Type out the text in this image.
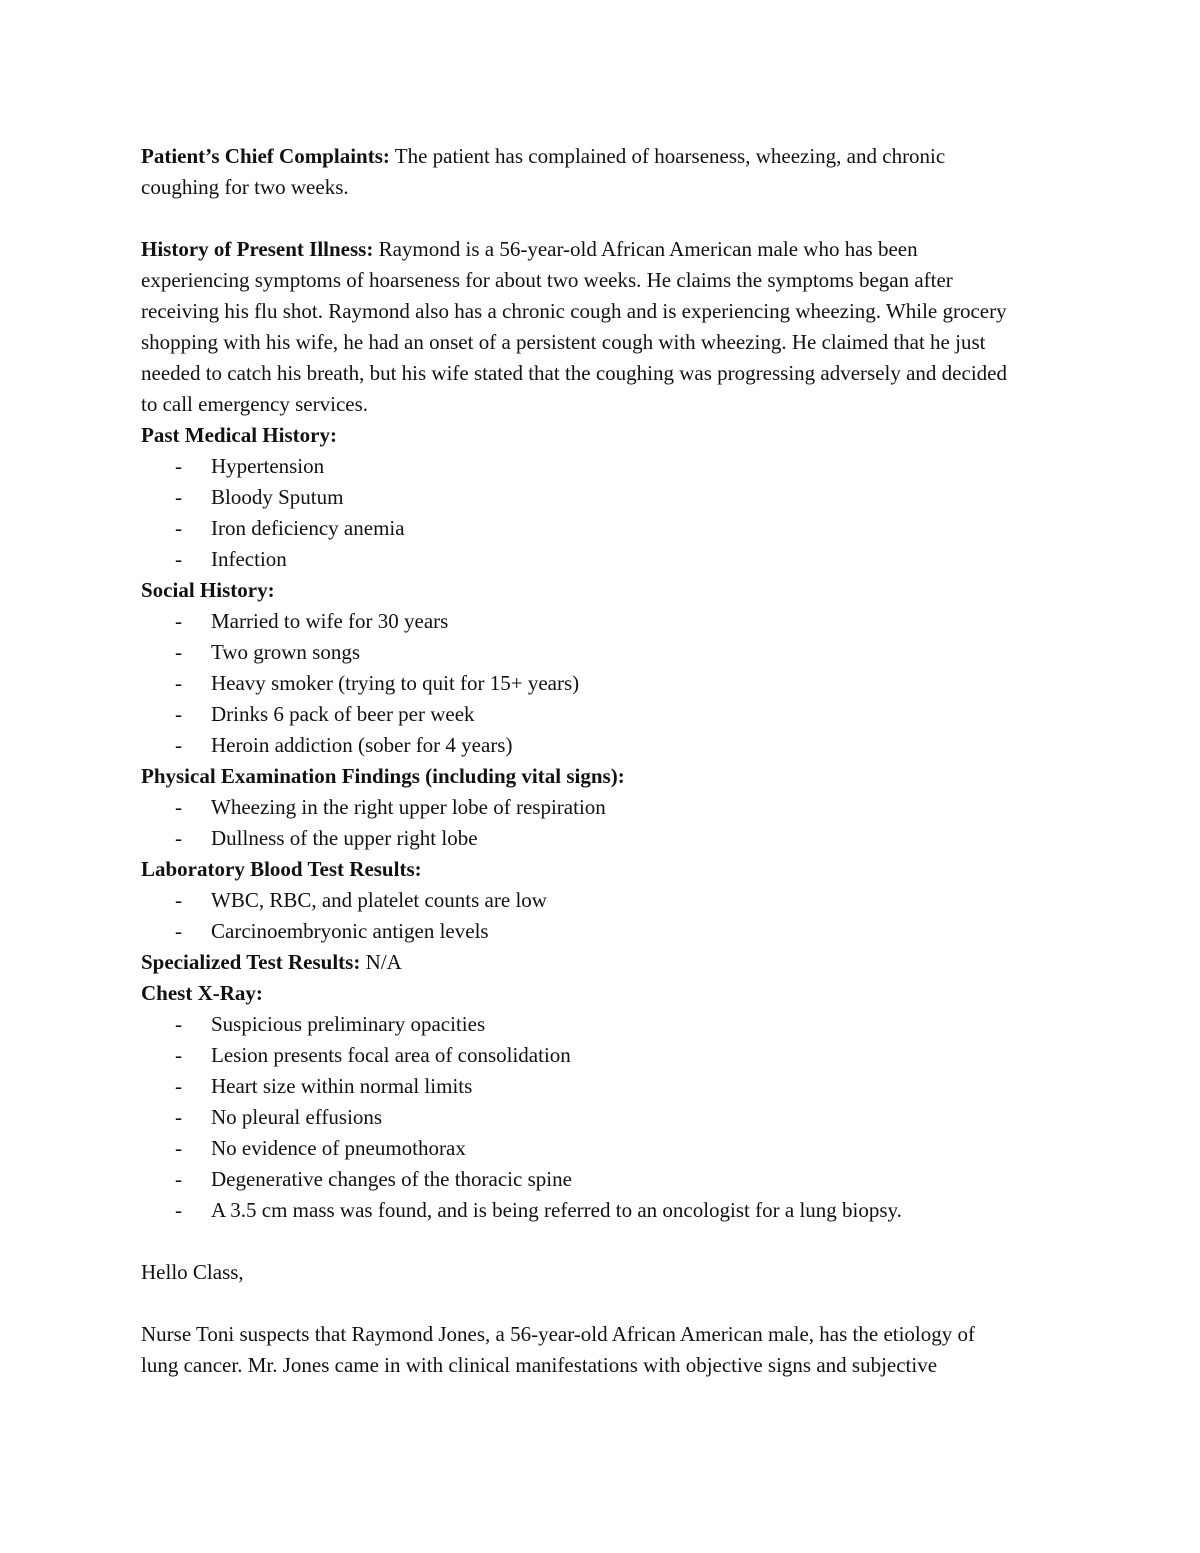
Patient’s Chief Complaints: The patient has complained of hoarseness, wheezing, and chronic

coughing for two weeks.

History of Present Illness: Raymond is a 56-year-old African American male who has been

experiencing symptoms of hoarseness for about two weeks. He claims the symptoms began after

receiving his flu shot. Raymond also has a chronic cough and is experiencing wheezing. While grocery

shopping with his wife, he had an onset of a persistent cough with wheezing. He claimed that he just

needed to catch his breath, but his wife stated that the coughing was progressing adversely and decided

to call emergency services.

Past Medical History:

- Hypertension
- Bloody Sputum
- Iron deficiency anemia
- Infection

Social History:

- Married to wife for 30 years
- Two grown songs
- Heavy smoker (trying to quit for 15+ years)
- Drinks 6 pack of beer per week
- Heroin addiction (sober for 4 years)

Physical Examination Findings (including vital signs):

- Wheezing in the right upper lobe of respiration
- Dullness of the upper right lobe

Laboratory Blood Test Results:

- WBC, RBC, and platelet counts are low
- Carcinoembryonic antigen levels

Specialized Test Results: N/A

Chest X-Ray:

- Suspicious preliminary opacities
- Lesion presents focal area of consolidation
- Heart size within normal limits
- No pleural effusions
- No evidence of pneumothorax
- Degenerative changes of the thoracic spine
- A 3.5 cm mass was found, and is being referred to an oncologist for a lung biopsy.

Hello Class,

Nurse Toni suspects that Raymond Jones, a 56-year-old African American male, has the etiology of

lung cancer. Mr. Jones came in with clinical manifestations with objective signs and subjective
